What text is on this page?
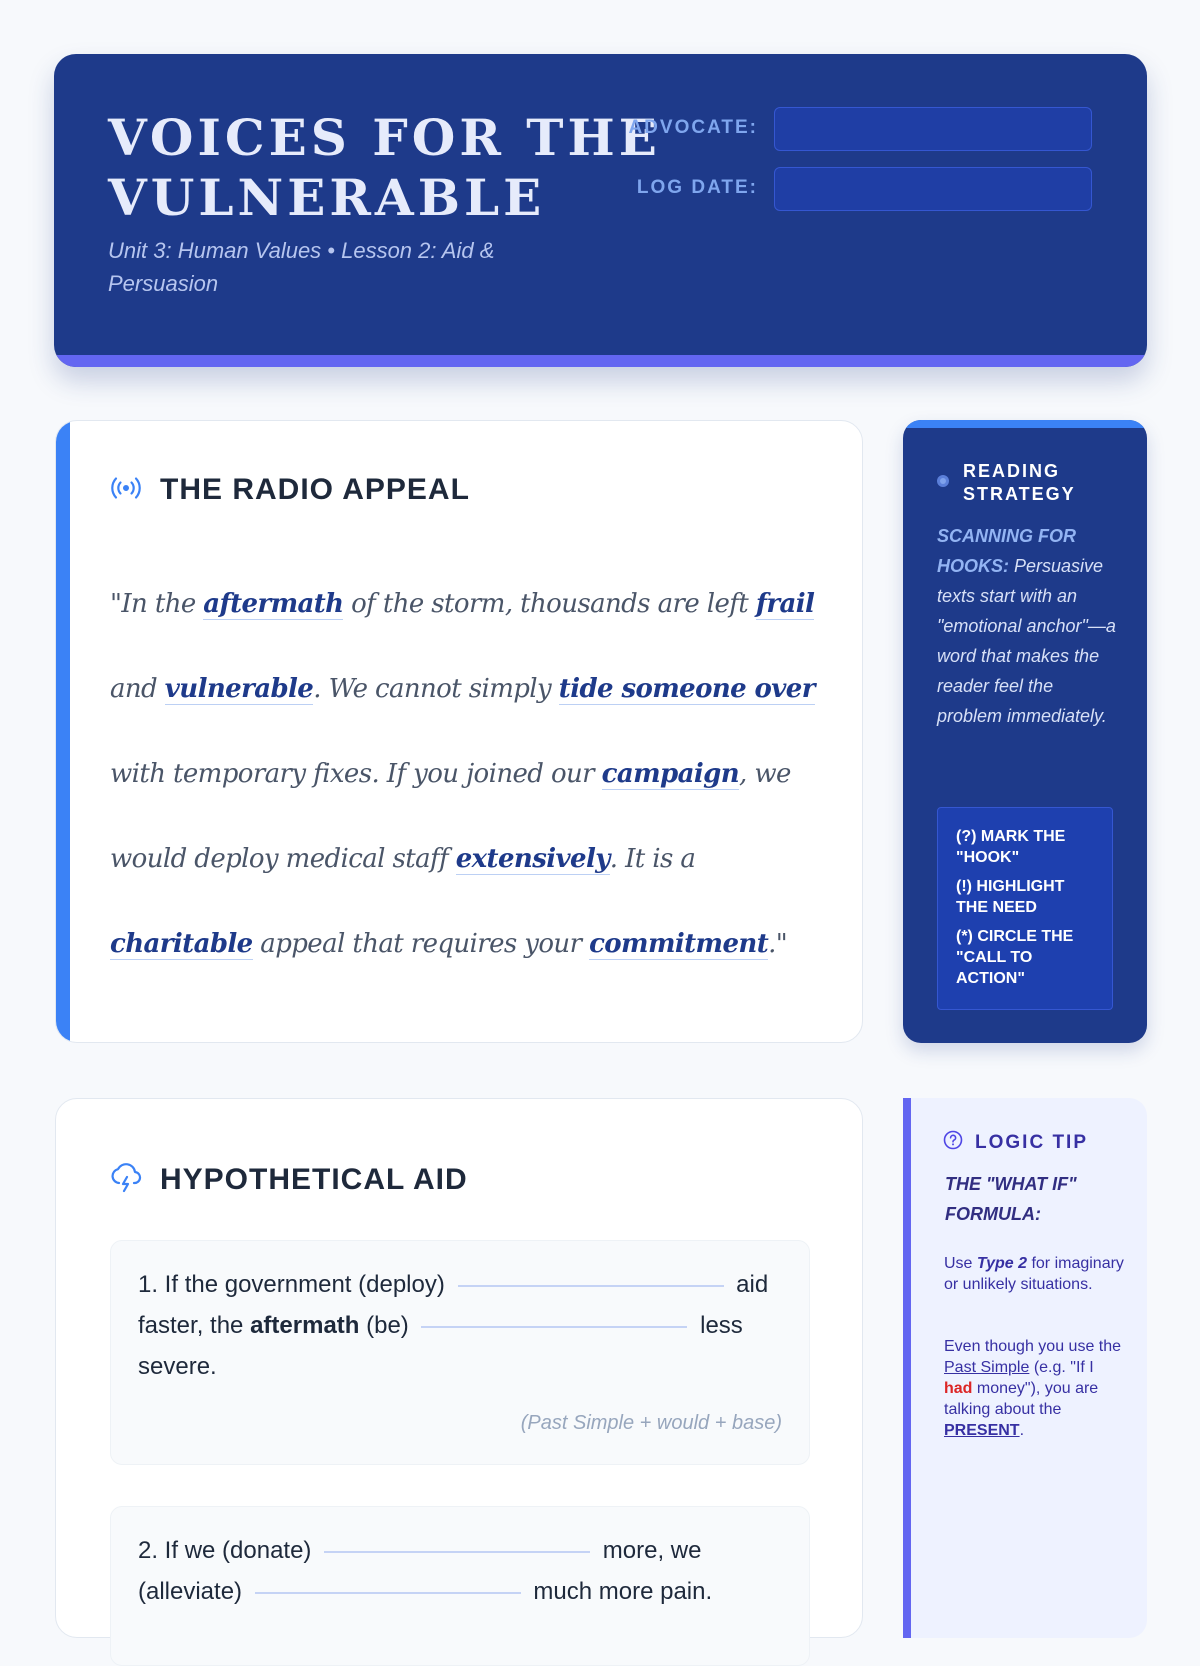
VOICES FOR THE VULNERABLE
Unit 3: Human Values • Lesson 2: Aid & Persuasion
ADVOCATE:
LOG DATE:
THE RADIO APPEAL

"In the aftermath of the storm, thousands are left frail and vulnerable. We cannot simply tide someone over with temporary fixes. If you joined our campaign, we would deploy medical staff extensively. It is a charitable appeal that requires your commitment."

READING STRATEGY
SCANNING FOR HOOKS: Persuasive texts start with an "emotional anchor"—a word that makes the reader feel the problem immediately.
(?) MARK THE "HOOK"
(!) HIGHLIGHT THE NEED
(*) CIRCLE THE "CALL TO ACTION"
HYPOTHETICAL AID
1. If the government (deploy)	aid faster, the aftermath (be)	less severe.
(Past Simple + would + base)
2. If we (donate)	more, we (alleviate)	much more pain.
LOGIC TIP
THE "WHAT IF" FORMULA:
Use Type 2 for imaginary or unlikely situations.
Even though you use the Past Simple (e.g. "If I had money"), you are talking about the PRESENT.
